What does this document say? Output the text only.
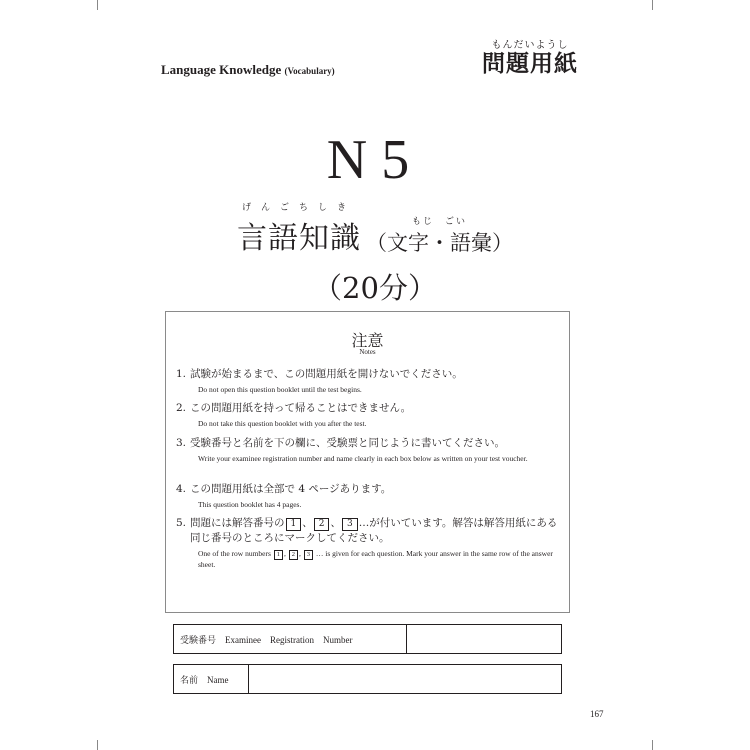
Language Knowledge (Vocabulary)
もんだいようし
問題用紙
N5
げんごちしき
言語知識	もじ　ごい
（文字・語彙）
（20分）
注意
Notes
1. 試験が始まるまで、この問題用紙を開けないでください。
Do not open this question booklet until the test begins.
2. この問題用紙を持って帰ることはできません。
Do not take this question booklet with you after the test.
3. 受験番号と名前を下の欄に、受験票と同じように書いてください。
Write your examinee registration number and name clearly in each box below as written on your test voucher.
4. この問題用紙は全部で 4 ページあります。
This question booklet has 4 pages.
5. 問題には解答番号の 1 、 2 、 3 …が付いています。解答は解答用紙にある同じ番号のところにマークしてください。
One of the row numbers 1 , 2 , 3 … is given for each question. Mark your answer in the same row of the answer sheet.
受験番号　Examinee　Registration　Number
名前　Name
167
